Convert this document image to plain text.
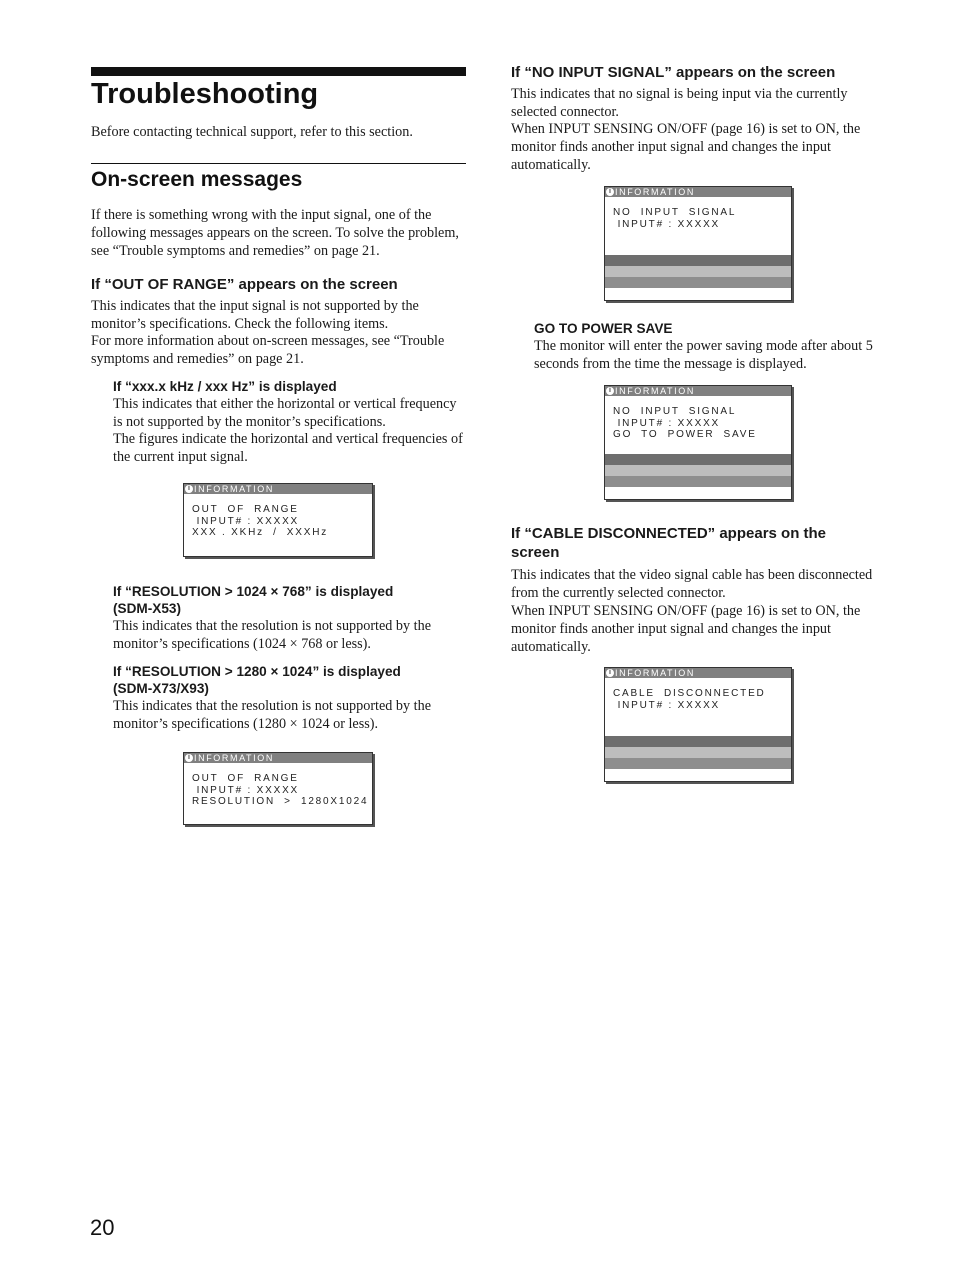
Troubleshooting

Before contacting technical support, refer to this section.

On-screen messages

If there is something wrong with the input signal, one of the following messages appears on the screen. To solve the problem, see “Trouble symptoms and remedies” on page 21.

If “OUT OF RANGE” appears on the screen

This indicates that the input signal is not supported by the monitor’s specifications. Check the following items.

For more information about on-screen messages, see “Trouble symptoms and remedies” on page 21.

If “xxx.x kHz / xxx Hz” is displayed

This indicates that either the horizontal or vertical frequency is not supported by the monitor’s specifications.

The figures indicate the horizontal and vertical frequencies of the current input signal.

i INFORMATION
OUT  OF  RANGE
INPUT# : XXXXX
XXX . XKHz  /  XXXHz
If “RESOLUTION > 1024 × 768” is displayed
(SDM-X53)

This indicates that the resolution is not supported by the monitor’s specifications (1024 × 768 or less).

If “RESOLUTION > 1280 × 1024” is displayed
(SDM-X73/X93)

This indicates that the resolution is not supported by the monitor’s specifications (1280 × 1024 or less).

i INFORMATION
OUT  OF  RANGE
INPUT# : XXXXX
RESOLUTION  >  1280X1024
If “NO INPUT SIGNAL” appears on the screen

This indicates that no signal is being input via the currently selected connector.

When INPUT SENSING ON/OFF (page 16) is set to ON, the monitor finds another input signal and changes the input automatically.

i INFORMATION
NO  INPUT  SIGNAL
INPUT# : XXXXX
GO TO POWER SAVE

The monitor will enter the power saving mode after about 5 seconds from the time the message is displayed.

i INFORMATION
NO  INPUT  SIGNAL
INPUT# : XXXXX
GO  TO  POWER  SAVE
If “CABLE DISCONNECTED” appears on the
screen

This indicates that the video signal cable has been disconnected from the currently selected connector.

When INPUT SENSING ON/OFF (page 16) is set to ON, the monitor finds another input signal and changes the input automatically.

i INFORMATION
CABLE  DISCONNECTED
INPUT# : XXXXX
20
